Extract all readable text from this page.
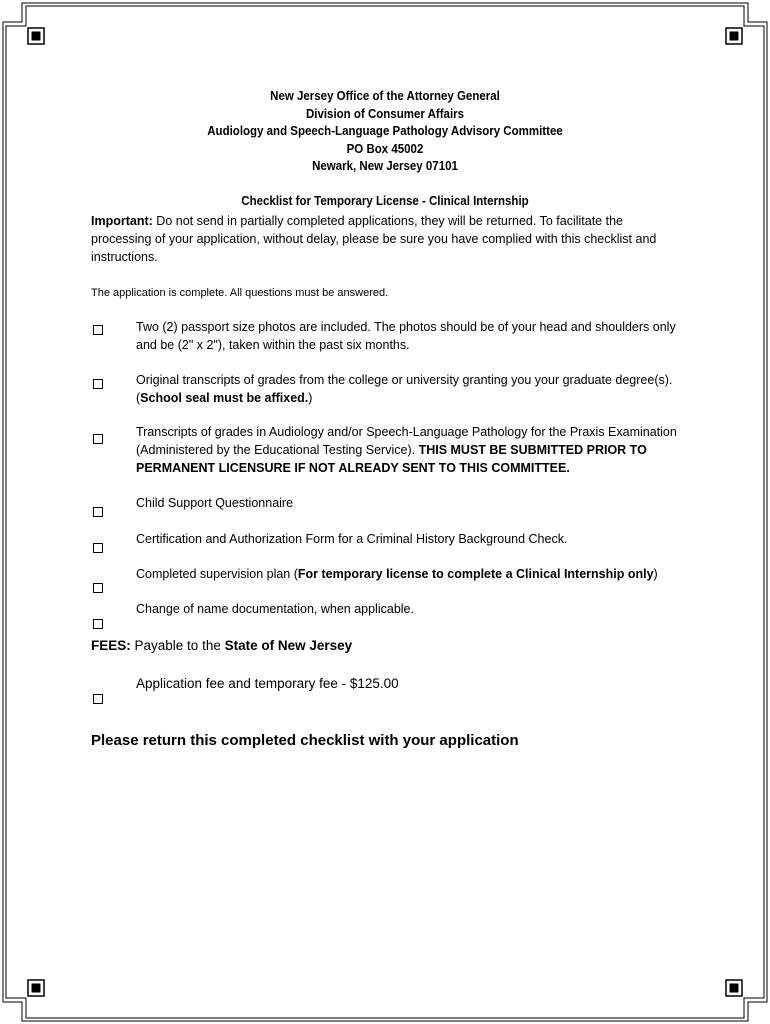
New Jersey Office of the Attorney General
Division of Consumer Affairs
Audiology and Speech-Language Pathology Advisory Committee
PO Box 45002
Newark, New Jersey 07101
Checklist for Temporary License - Clinical Internship
Important: Do not send in partially completed applications, they will be returned. To facilitate the processing of your application, without delay, please be sure you have complied with this checklist and instructions.
The application is complete. All questions must be answered.
Two (2) passport size photos are included. The photos should be of your head and shoulders only and be (2" x 2"), taken within the past six months.
Original transcripts of grades from the college or university granting you your graduate degree(s). (School seal must be affixed.)
Transcripts of grades in Audiology and/or Speech-Language Pathology for the Praxis Examination (Administered by the Educational Testing Service). THIS MUST BE SUBMITTED PRIOR TO PERMANENT LICENSURE IF NOT ALREADY SENT TO THIS COMMITTEE.
Child Support Questionnaire
Certification and Authorization Form for a Criminal History Background Check.
Completed supervision plan (For temporary license to complete a Clinical Internship only)
Change of name documentation, when applicable.
FEES: Payable to the State of New Jersey
Application fee and temporary fee - $125.00
Please return this completed checklist with your application
